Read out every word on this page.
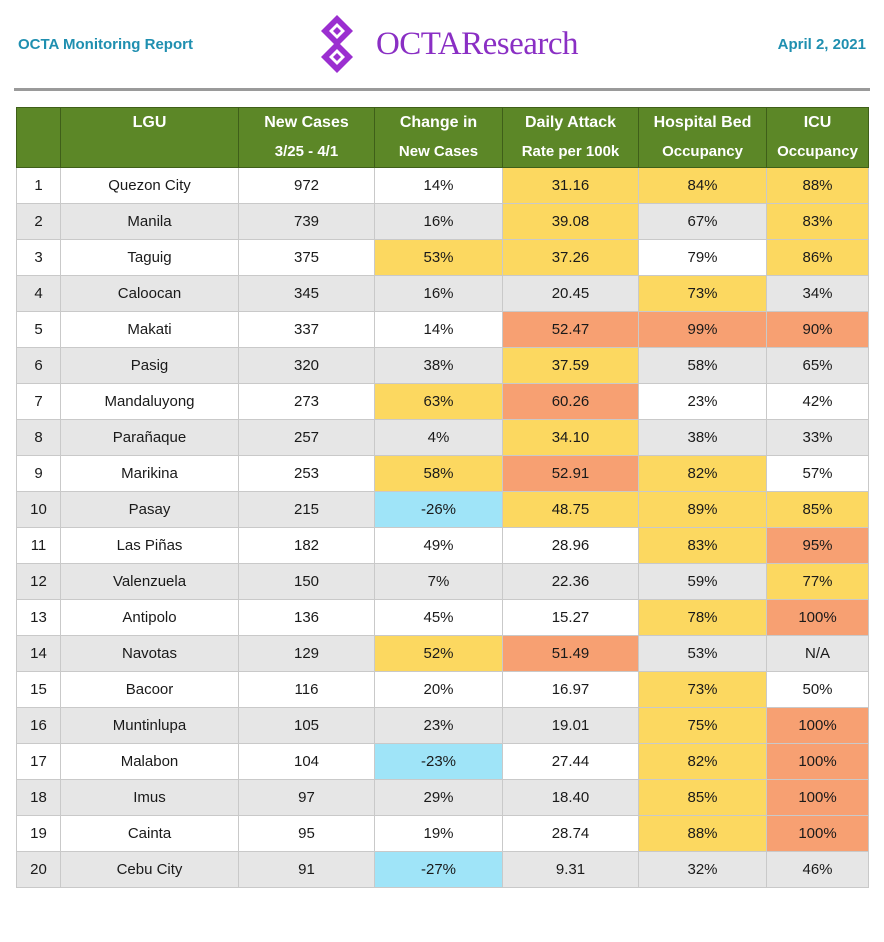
OCTA Monitoring Report	OCTAResearch	April 2, 2021
	LGU	New Cases	Change in	Daily Attack	Hospital Bed	ICU
		3/25 - 4/1	New Cases	Rate per 100k	Occupancy	Occupancy
1	Quezon City	972	14%	31.16	84%	88%
2	Manila	739	16%	39.08	67%	83%
3	Taguig	375	53%	37.26	79%	86%
4	Caloocan	345	16%	20.45	73%	34%
5	Makati	337	14%	52.47	99%	90%
6	Pasig	320	38%	37.59	58%	65%
7	Mandaluyong	273	63%	60.26	23%	42%
8	Parañaque	257	4%	34.10	38%	33%
9	Marikina	253	58%	52.91	82%	57%
10	Pasay	215	-26%	48.75	89%	85%
11	Las Piñas	182	49%	28.96	83%	95%
12	Valenzuela	150	7%	22.36	59%	77%
13	Antipolo	136	45%	15.27	78%	100%
14	Navotas	129	52%	51.49	53%	N/A
15	Bacoor	116	20%	16.97	73%	50%
16	Muntinlupa	105	23%	19.01	75%	100%
17	Malabon	104	-23%	27.44	82%	100%
18	Imus	97	29%	18.40	85%	100%
19	Cainta	95	19%	28.74	88%	100%
20	Cebu City	91	-27%	9.31	32%	46%
